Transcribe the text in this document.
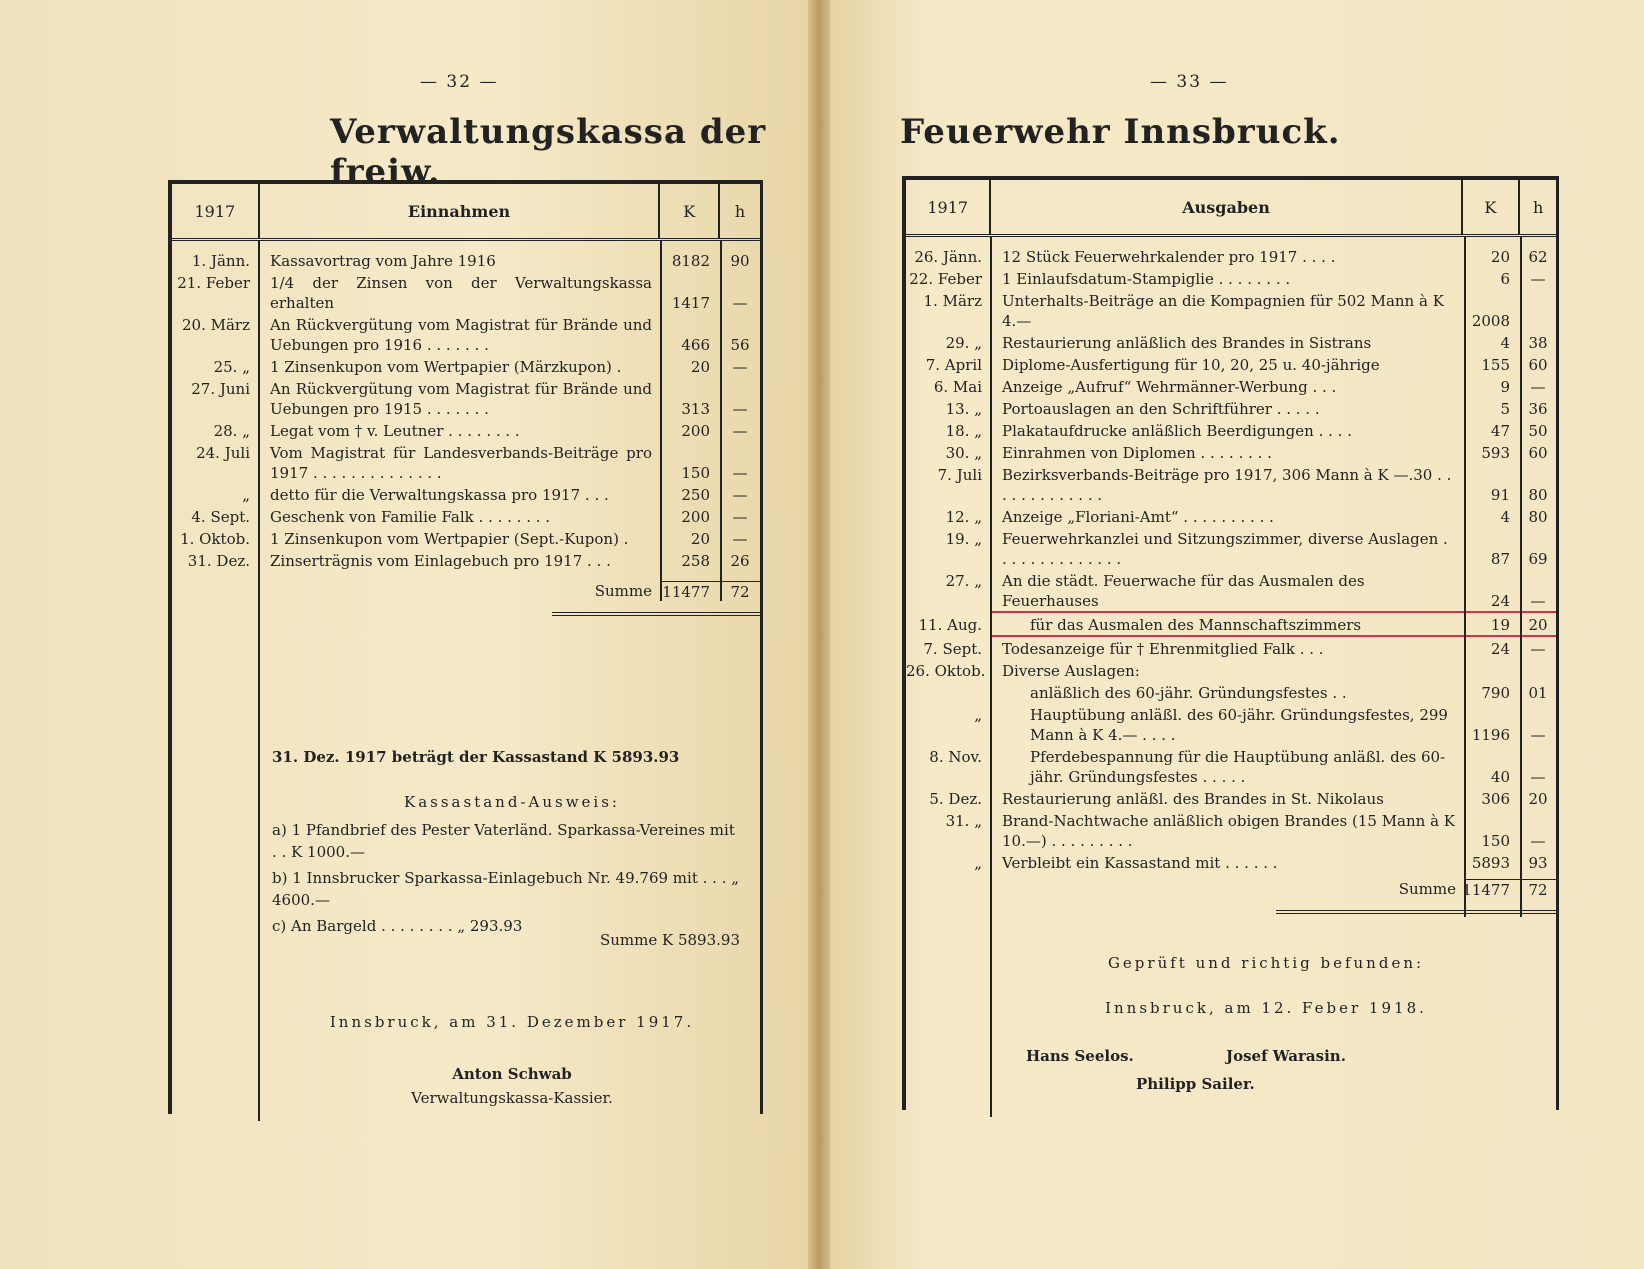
— 32 —
Verwaltungskassa der freiw.
1917	Einnahmen	K	h
1. Jänn.	Kassavortrag vom Jahre 1916	8182	90
21. Feber	1/4 der Zinsen von der Verwaltungskassa erhalten	1417	—
20. März	An Rückvergütung vom Magistrat für Brände und Uebungen pro 1916 . . . . . . .	466	56
25. „	1 Zinsenkupon vom Wertpapier (Märzkupon) .	20	—
27. Juni	An Rückvergütung vom Magistrat für Brände und Uebungen pro 1915 . . . . . . .	313	—
28. „	Legat vom † v. Leutner . . . . . . . .	200	—
24. Juli	Vom Magistrat für Landesverbands-Beiträge pro 1917 . . . . . . . . . . . . . .	150	—
„	detto für die Verwaltungskassa pro 1917 . . .	250	—
4. Sept.	Geschenk von Familie Falk . . . . . . . .	200	—
1. Oktob.	1 Zinsenkupon vom Wertpapier (Sept.-Kupon) .	20	—
31. Dez.	Zinserträgnis vom Einlagebuch pro 1917 . . .	258	26
Summe 11477	72
31. Dez. 1917 beträgt der Kassastand K 5893.93
Kassastand-Ausweis:
a) 1 Pfandbrief des Pester Vaterländ. Sparkassa-Vereines mit . . K 1000.—
b) 1 Innsbrucker Sparkassa-Einlagebuch Nr. 49.769 mit . . . „ 4600.—
c) An Bargeld . . . . . . . . „ 293.93
Summe K 5893.93
Innsbruck, am 31. Dezember 1917.
Anton Schwab
Verwaltungskassa-Kassier.
— 33 —
Feuerwehr Innsbruck.
1917	Ausgaben	K	h
26. Jänn.	12 Stück Feuerwehrkalender pro 1917 . . . .	20	62
22. Feber	1 Einlaufsdatum-Stampiglie . . . . . . . .	6	—
1. März	Unterhalts-Beiträge an die Kompagnien für 502 Mann à K 4.—	2008
29. „	Restaurierung anläßlich des Brandes in Sistrans	4	38
7. April	Diplome-Ausfertigung für 10, 20, 25 u. 40-jährige	155	60
6. Mai	Anzeige „Aufruf“ Wehrmänner-Werbung . . .	9	—
13. „	Portoauslagen an den Schriftführer . . . . .	5	36
18. „	Plakataufdrucke anläßlich Beerdigungen . . . .	47	50
30. „	Einrahmen von Diplomen . . . . . . . .	593	60
7. Juli	Bezirksverbands-Beiträge pro 1917, 306 Mann à K —.30 . . . . . . . . . . . . .	91	80
12. „	Anzeige „Floriani-Amt“ . . . . . . . . . .	4	80
19. „	Feuerwehrkanzlei und Sitzungszimmer, diverse Auslagen . . . . . . . . . . . . . .	87	69
27. „	An die städt. Feuerwache für das Ausmalen des Feuerhauses	24	—
11. Aug.	für das Ausmalen des Mannschaftszimmers	19	20
7. Sept.	Todesanzeige für † Ehrenmitglied Falk . . .	24	—
26. Oktob.	Diverse Auslagen:
anläßlich des 60-jähr. Gründungsfestes . .	790	01
„	Hauptübung anläßl. des 60-jähr. Gründungsfestes, 299 Mann à K 4.— . . . .	1196	—
8. Nov.	Pferdebespannung für die Hauptübung anläßl. des 60-jähr. Gründungsfestes . . . . .	40	—
5. Dez.	Restaurierung anläßl. des Brandes in St. Nikolaus	306	20
31. „	Brand-Nachtwache anläßlich obigen Brandes (15 Mann à K 10.—) . . . . . . . . .	150	—
„	Verbleibt ein Kassastand mit . . . . . .	5893	93
Summe 11477	72
Geprüft und richtig befunden:
Innsbruck, am 12. Feber 1918.
Hans Seelos.	Josef Warasin.
Philipp Sailer.
